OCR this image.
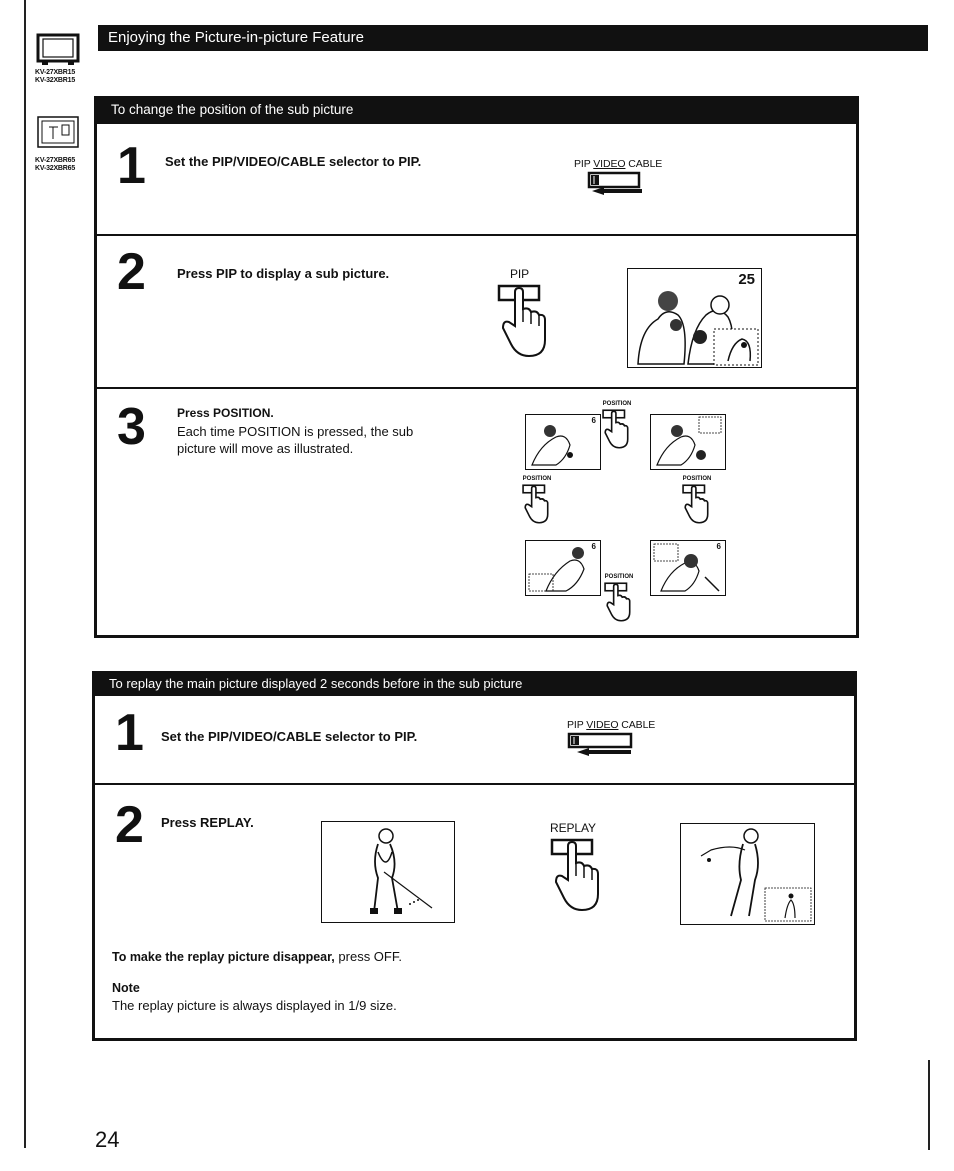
KV-27XBR15
KV-32XBR15
KV-27XBR65
KV-32XBR65
Enjoying the Picture-in-picture Feature
To change the position of the sub picture
1 Set the PIP/VIDEO/CABLE selector to PIP.	PIP VIDEO CABLE
2 Press PIP to display a sub picture.	PIP	25
3	Press POSITION.
Each time POSITION is pressed, the sub picture will move as illustrated.
6
6	6
POSITION
POSITION	POSITION
POSITION
To replay the main picture displayed 2 seconds before in the sub picture
1 Set the PIP/VIDEO/CABLE selector to PIP.
PIP VIDEO CABLE
2 Press REPLAY.	REPLAY
To make the replay picture disappear, press OFF.
Note
The replay picture is always displayed in 1/9 size.
24
